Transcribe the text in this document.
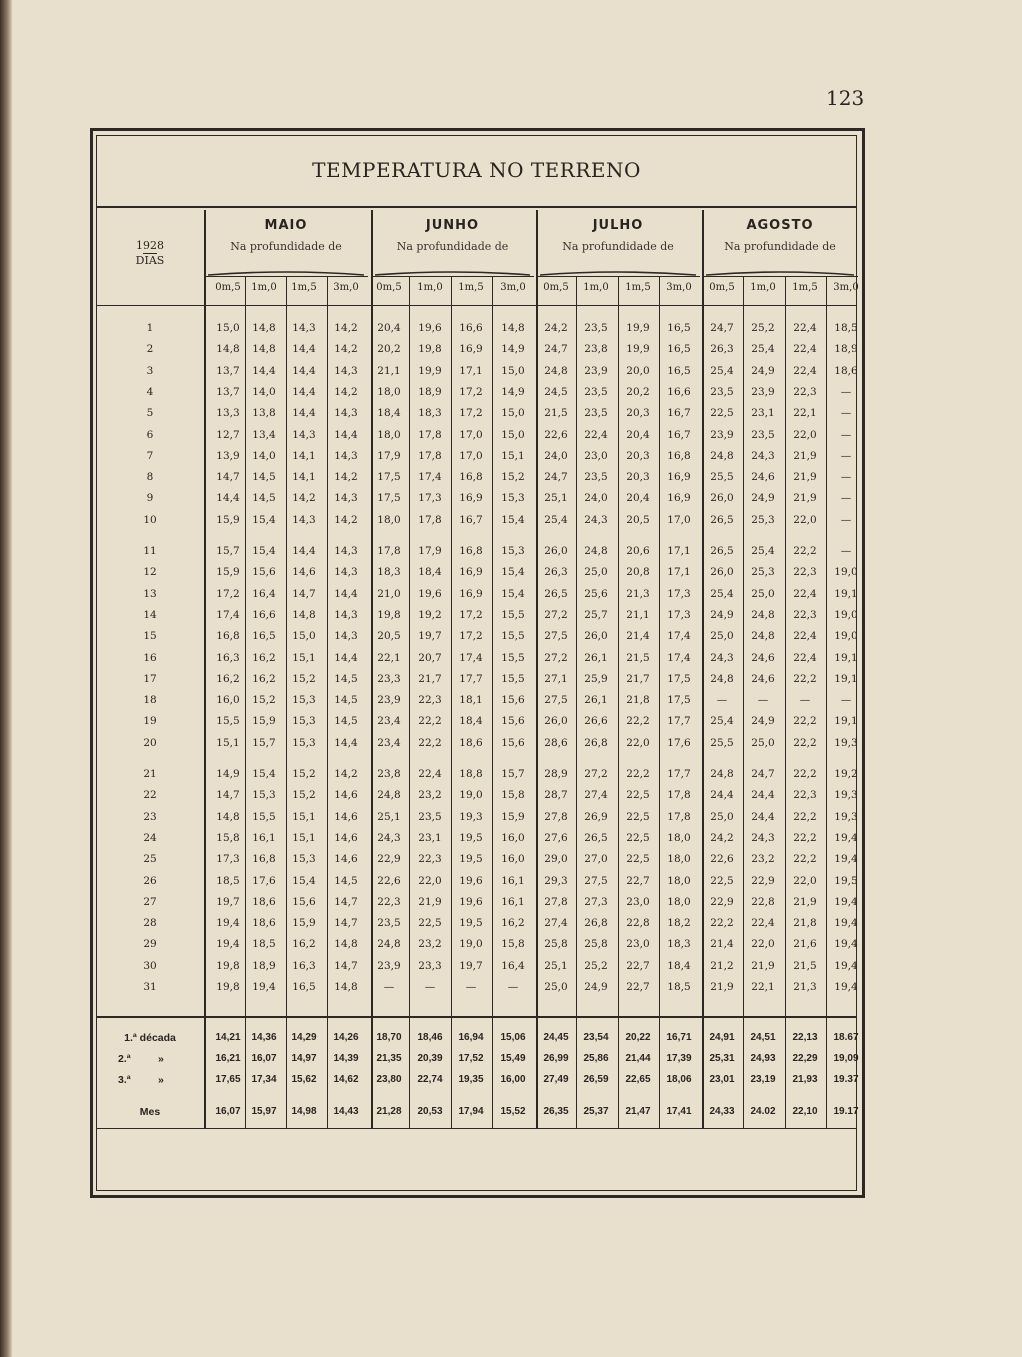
123
TEMPERATURA NO TERRENO
1928
DIAS
MAIO
Na profundidade de
JUNHO
Na profundidade de
JULHO
Na profundidade de
AGOSTO
Na profundidade de
0m,5	1m,0	1m,5	3m,0	0m,5	1m,0	1m,5	3m,0	0m,5	1m,0	1m,5	3m,0	0m,5	1m,0	1m,5	3m,0
1	15,0	14,8	14,3	14,2	20,4	19,6	16,6	14,8	24,2	23,5	19,9	16,5	24,7	25,2	22,4	18,5
2	14,8	14,8	14,4	14,2	20,2	19,8	16,9	14,9	24,7	23,8	19,9	16,5	26,3	25,4	22,4	18,9
3	13,7	14,4	14,4	14,3	21,1	19,9	17,1	15,0	24,8	23,9	20,0	16,5	25,4	24,9	22,4	18,6
4	13,7	14,0	14,4	14,2	18,0	18,9	17,2	14,9	24,5	23,5	20,2	16,6	23,5	23,9	22,3	—
5	13,3	13,8	14,4	14,3	18,4	18,3	17,2	15,0	21,5	23,5	20,3	16,7	22,5	23,1	22,1	—
6	12,7	13,4	14,3	14,4	18,0	17,8	17,0	15,0	22,6	22,4	20,4	16,7	23,9	23,5	22,0	—
7	13,9	14,0	14,1	14,3	17,9	17,8	17,0	15,1	24,0	23,0	20,3	16,8	24,8	24,3	21,9	—
8	14,7	14,5	14,1	14,2	17,5	17,4	16,8	15,2	24,7	23,5	20,3	16,9	25,5	24,6	21,9	—
9	14,4	14,5	14,2	14,3	17,5	17,3	16,9	15,3	25,1	24,0	20,4	16,9	26,0	24,9	21,9	—
10	15,9	15,4	14,3	14,2	18,0	17,8	16,7	15,4	25,4	24,3	20,5	17,0	26,5	25,3	22,0	—
11	15,7	15,4	14,4	14,3	17,8	17,9	16,8	15,3	26,0	24,8	20,6	17,1	26,5	25,4	22,2	—
12	15,9	15,6	14,6	14,3	18,3	18,4	16,9	15,4	26,3	25,0	20,8	17,1	26,0	25,3	22,3	19,0
13	17,2	16,4	14,7	14,4	21,0	19,6	16,9	15,4	26,5	25,6	21,3	17,3	25,4	25,0	22,4	19,1
14	17,4	16,6	14,8	14,3	19,8	19,2	17,2	15,5	27,2	25,7	21,1	17,3	24,9	24,8	22,3	19,0
15	16,8	16,5	15,0	14,3	20,5	19,7	17,2	15,5	27,5	26,0	21,4	17,4	25,0	24,8	22,4	19,0
16	16,3	16,2	15,1	14,4	22,1	20,7	17,4	15,5	27,2	26,1	21,5	17,4	24,3	24,6	22,4	19,1
17	16,2	16,2	15,2	14,5	23,3	21,7	17,7	15,5	27,1	25,9	21,7	17,5	24,8	24,6	22,2	19,1
18	16,0	15,2	15,3	14,5	23,9	22,3	18,1	15,6	27,5	26,1	21,8	17,5	—	—	—	—
19	15,5	15,9	15,3	14,5	23,4	22,2	18,4	15,6	26,0	26,6	22,2	17,7	25,4	24,9	22,2	19,1
20	15,1	15,7	15,3	14,4	23,4	22,2	18,6	15,6	28,6	26,8	22,0	17,6	25,5	25,0	22,2	19,3
21	14,9	15,4	15,2	14,2	23,8	22,4	18,8	15,7	28,9	27,2	22,2	17,7	24,8	24,7	22,2	19,2
22	14,7	15,3	15,2	14,6	24,8	23,2	19,0	15,8	28,7	27,4	22,5	17,8	24,4	24,4	22,3	19,3
23	14,8	15,5	15,1	14,6	25,1	23,5	19,3	15,9	27,8	26,9	22,5	17,8	25,0	24,4	22,2	19,3
24	15,8	16,1	15,1	14,6	24,3	23,1	19,5	16,0	27,6	26,5	22,5	18,0	24,2	24,3	22,2	19,4
25	17,3	16,8	15,3	14,6	22,9	22,3	19,5	16,0	29,0	27,0	22,5	18,0	22,6	23,2	22,2	19,4
26	18,5	17,6	15,4	14,5	22,6	22,0	19,6	16,1	29,3	27,5	22,7	18,0	22,5	22,9	22,0	19,5
27	19,7	18,6	15,6	14,7	22,3	21,9	19,6	16,1	27,8	27,3	23,0	18,0	22,9	22,8	21,9	19,4
28	19,4	18,6	15,9	14,7	23,5	22,5	19,5	16,2	27,4	26,8	22,8	18,2	22,2	22,4	21,8	19,4
29	19,4	18,5	16,2	14,8	24,8	23,2	19,0	15,8	25,8	25,8	23,0	18,3	21,4	22,0	21,6	19,4
30	19,8	18,9	16,3	14,7	23,9	23,3	19,7	16,4	25,1	25,2	22,7	18,4	21,2	21,9	21,5	19,4
31	19,8	19,4	16,5	14,8	—	—	—	—	25,0	24,9	22,7	18,5	21,9	22,1	21,3	19,4
1.ª década	14,21	14,36	14,29	14,26	18,70	18,46	16,94	15,06	24,45	23,54	20,22	16,71	24,91	24,51	22,13	18.67
2.ª	»	16,21	16,07	14,97	14,39	21,35	20,39	17,52	15,49	26,99	25,86	21,44	17,39	25,31	24,93	22,29	19,09
3.ª	»	17,65	17,34	15,62	14,62	23,80	22,74	19,35	16,00	27,49	26,59	22,65	18,06	23,01	23,19	21,93	19.37
Mes	16,07	15,97	14,98	14,43	21,28	20,53	17,94	15,52	26,35	25,37	21,47	17,41	24,33	24.02	22,10	19.17
